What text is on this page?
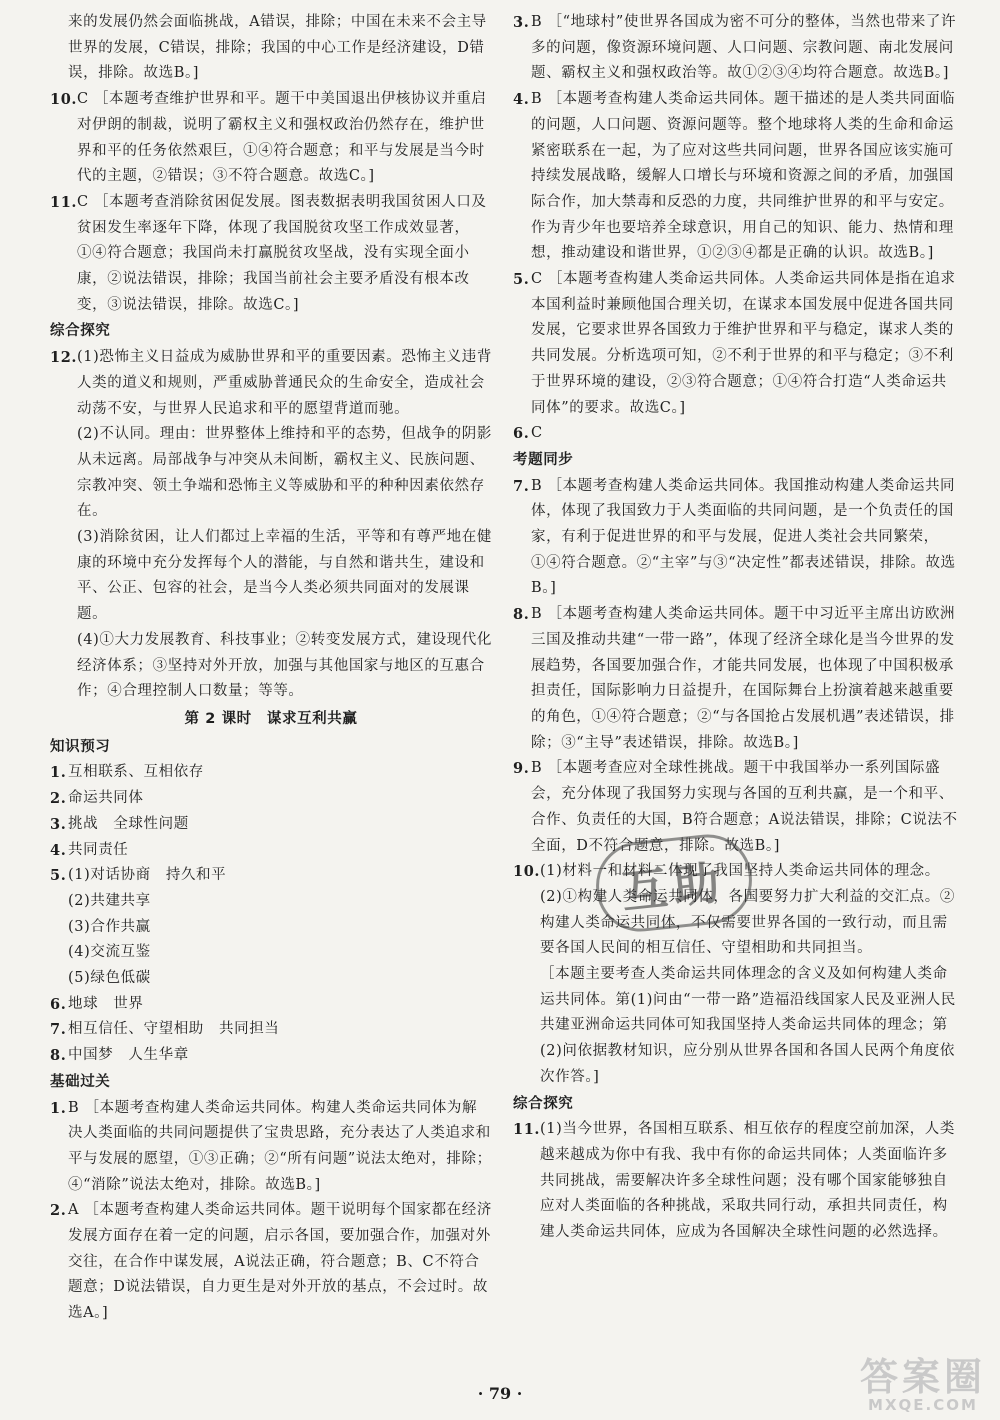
来的发展仍然会面临挑战，A错误，排除；中国在未来不会主导世界的发展，C错误，排除；我国的中心工作是经济建设，D错误，排除。故选B。]
10. C ［本题考查维护世界和平。题干中美国退出伊核协议并重启对伊朗的制裁，说明了霸权主义和强权政治仍然存在，维护世界和平的任务依然艰巨，①④符合题意；和平与发展是当今时代的主题，②错误；③不符合题意。故选C。]
11. C ［本题考查消除贫困促发展。图表数据表明我国贫困人口及贫困发生率逐年下降，体现了我国脱贫攻坚工作成效显著，①④符合题意；我国尚未打赢脱贫攻坚战，没有实现全面小康，②说法错误，排除；我国当前社会主要矛盾没有根本改变，③说法错误，排除。故选C。]
综合探究
12. (1)恐怖主义日益成为威胁世界和平的重要因素。恐怖主义违背人类的道义和规则，严重威胁普通民众的生命安全，造成社会动荡不安，与世界人民追求和平的愿望背道而驰。
(2)不认同。理由：世界整体上维持和平的态势，但战争的阴影从未远离。局部战争与冲突从未间断，霸权主义、民族问题、宗教冲突、领土争端和恐怖主义等威胁和平的种种因素依然存在。
(3)消除贫困，让人们都过上幸福的生活，平等和有尊严地在健康的环境中充分发挥每个人的潜能，与自然和谐共生，建设和平、公正、包容的社会，是当今人类必须共同面对的发展课题。
(4)①大力发展教育、科技事业；②转变发展方式，建设现代化经济体系；③坚持对外开放，加强与其他国家与地区的互惠合作；④合理控制人口数量；等等。
第 2 课时　谋求互利共赢
知识预习
1. 互相联系、互相依存
2. 命运共同体
3. 挑战　全球性问题
4. 共同责任
5. (1)对话协商　持久和平
(2)共建共享
(3)合作共赢
(4)交流互鉴
(5)绿色低碳
6. 地球　世界
7. 相互信任、守望相助　共同担当
8. 中国梦　人生华章
基础过关
1. B ［本题考查构建人类命运共同体。构建人类命运共同体为解决人类面临的共同问题提供了宝贵思路，充分表达了人类追求和平与发展的愿望，①③正确；②“所有问题”说法太绝对，排除；④“消除”说法太绝对，排除。故选B。]
2. A ［本题考查构建人类命运共同体。题干说明每个国家都在经济发展方面存在着一定的问题，启示各国，要加强合作，加强对外交往，在合作中谋发展，A说法正确，符合题意；B、C不符合题意；D说法错误，自力更生是对外开放的基点，不会过时。故选A。]
3. B ［“地球村”使世界各国成为密不可分的整体，当然也带来了许多的问题，像资源环境问题、人口问题、宗教问题、南北发展问题、霸权主义和强权政治等。故①②③④均符合题意。故选B。]
4. B ［本题考查构建人类命运共同体。题干描述的是人类共同面临的问题，人口问题、资源问题等。整个地球将人类的生命和命运紧密联系在一起，为了应对这些共同问题，世界各国应该实施可持续发展战略，缓解人口增长与环境和资源之间的矛盾，加强国际合作，加大禁毒和反恐的力度，共同维护世界的和平与安定。作为青少年也要培养全球意识，用自己的知识、能力、热情和理想，推动建设和谐世界，①②③④都是正确的认识。故选B。]
5. C ［本题考查构建人类命运共同体。人类命运共同体是指在追求本国利益时兼顾他国合理关切，在谋求本国发展中促进各国共同发展，它要求世界各国致力于维护世界和平与稳定，谋求人类的共同发展。分析选项可知，②不利于世界的和平与稳定；③不利于世界环境的建设，②③符合题意；①④符合打造“人类命运共同体”的要求。故选C。]
6. C
考题同步
7. B ［本题考查构建人类命运共同体。我国推动构建人类命运共同体，体现了我国致力于人类面临的共同问题，是一个负责任的国家，有利于促进世界的和平与发展，促进人类社会共同繁荣，①④符合题意。②“主宰”与③“决定性”都表述错误，排除。故选B。]
8. B ［本题考查构建人类命运共同体。题干中习近平主席出访欧洲三国及推动共建“一带一路”，体现了经济全球化是当今世界的发展趋势，各国要加强合作，才能共同发展，也体现了中国积极承担责任，国际影响力日益提升，在国际舞台上扮演着越来越重要的角色，①④符合题意；②“与各国抢占发展机遇”表述错误，排除；③“主导”表述错误，排除。故选B。]
9. B ［本题考查应对全球性挑战。题干中我国举办一系列国际盛会，充分体现了我国努力实现与各国的互利共赢，是一个和平、合作、负责任的大国，B符合题意；A说法错误，排除；C说法不全面，D不符合题意，排除。故选B。]
10. (1)材料一和材料二体现了我国坚持人类命运共同体的理念。
(2)①构建人类命运共同体，各国要努力扩大利益的交汇点。②构建人类命运共同体，不仅需要世界各国的一致行动，而且需要各国人民间的相互信任、守望相助和共同担当。
［本题主要考查人类命运共同体理念的含义及如何构建人类命运共同体。第(1)问由“一带一路”造福沿线国家人民及亚洲人民共建亚洲命运共同体可知我国坚持人类命运共同体的理念；第(2)问依据教材知识，应分别从世界各国和各国人民两个角度依次作答。]
综合探究
11. (1)当今世界，各国相互联系、相互依存的程度空前加深，人类越来越成为你中有我、我中有你的命运共同体；人类面临许多共同挑战，需要解决许多全球性问题；没有哪个国家能够独自应对人类面临的各种挑战，采取共同行动，承担共同责任，构建人类命运共同体，应成为各国解决全球性问题的必然选择。
互助
· 79 ·	答案圈
MXQE.COM
